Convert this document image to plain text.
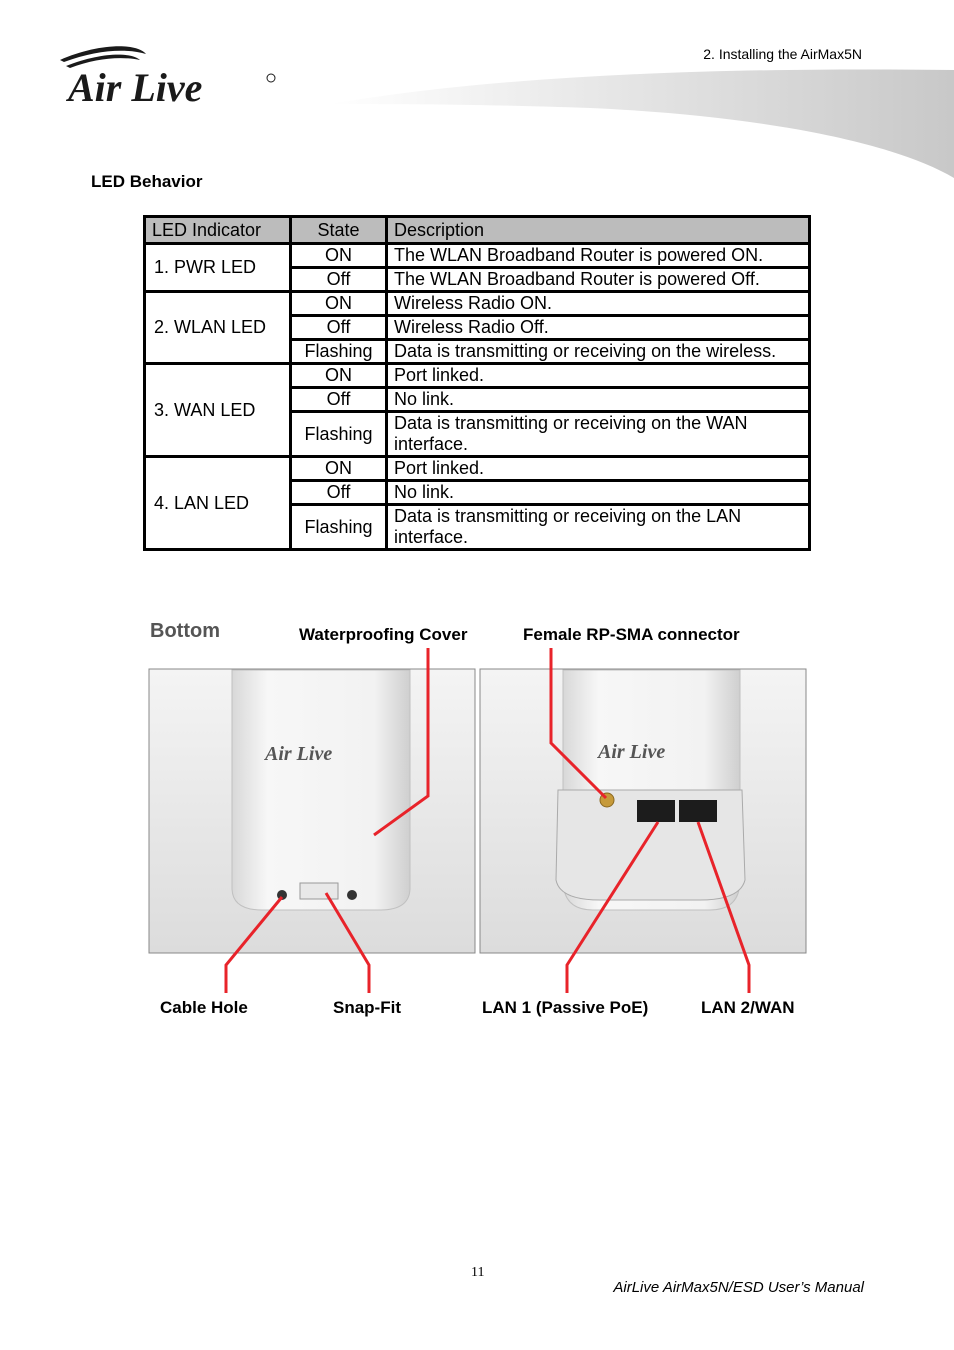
2. Installing the AirMax5N
Air Live
LED Behavior
LED Indicator	State	Description
1. PWR LED	ON	The WLAN Broadband Router is powered ON.
	Off	The WLAN Broadband Router is powered Off.
2. WLAN LED	ON	Wireless Radio ON.
	Off	Wireless Radio Off.
	Flashing	Data is transmitting or receiving on the wireless.
3. WAN LED	ON	Port linked.
	Off	No link.
	Flashing	Data is transmitting or receiving on the WAN interface.
4. LAN LED	ON	Port linked.
	Off	No link.
	Flashing	Data is transmitting or receiving on the LAN interface.
Air Live	Air Live
Bottom	Waterproofing Cover	Female RP-SMA connector
Cable Hole	Snap-Fit	LAN 1 (Passive PoE)	LAN 2/WAN
11
AirLive AirMax5N/ESD User’s Manual
